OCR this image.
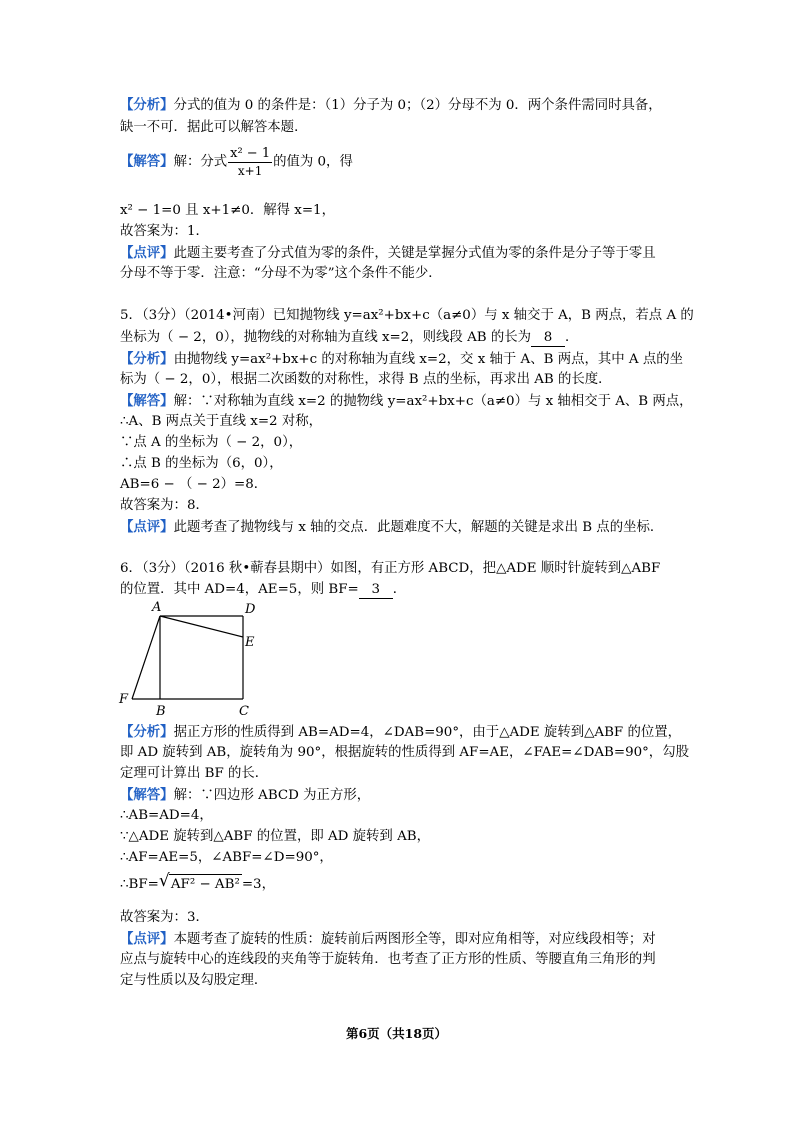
【分析】分式的值为 0 的条件是：（1）分子为 0；（2）分母不为 0．两个条件需同时具备，
缺一不可．据此可以解答本题．
【解答】解：分式 $\frac{\text{x² − 1}}{x+1}$ 的值为 0，得
x² − 1=0 且 x+1≠0．解得 x=1，
故答案为：1．
【点评】此题主要考查了分式值为零的条件，关键是掌握分式值为零的条件是分子等于零且
分母不等于零．注意：“分母不为零”这个条件不能少．
5．（3分）（2014•河南）已知抛物线 y=ax²+bx+c（a≠0）与 x 轴交于 A，B 两点，若点 A 的
坐标为（ − 2，0），抛物线的对称轴为直线 x=2，则线段 AB 的长为 8 ．
【分析】由抛物线 y=ax²+bx+c 的对称轴为直线 x=2，交 x 轴于 A、B 两点，其中 A 点的坐
标为（ − 2，0），根据二次函数的对称性，求得 B 点的坐标，再求出 AB 的长度．
【解答】解：∵对称轴为直线 x=2 的抛物线 y=ax²+bx+c（a≠0）与 x 轴相交于 A、B 两点，
∴A、B 两点关于直线 x=2 对称，
∵点 A 的坐标为（ − 2，0），
∴点 B 的坐标为（6，0），
AB=6 − （ − 2）=8．
故答案为：8．
【点评】此题考查了抛物线与 x 轴的交点．此题难度不大，解题的关键是求出 B 点的坐标．
6．（3分）（2016 秋•蕲春县期中）如图，有正方形 ABCD，把△ADE 顺时针旋转到△ABF
的位置．其中 AD=4，AE=5，则 BF= 3 ．
A	D
E
F
B	C
【分析】据正方形的性质得到 AB=AD=4，∠DAB=90°，由于△ADE 旋转到△ABF 的位置，
即 AD 旋转到 AB，旋转角为 90°，根据旋转的性质得到 AF=AE，∠FAE=∠DAB=90°，勾股
定理可计算出 BF 的长．
【解答】解：∵四边形 ABCD 为正方形，
∴AB=AD=4，
∵△ADE 旋转到△ABF 的位置，即 AD 旋转到 AB，
∴AF=AE=5，∠ABF=∠D=90°，
∴BF= √ AF² − AB² =3，
故答案为：3．
【点评】本题考查了旋转的性质：旋转前后两图形全等，即对应角相等，对应线段相等；对
应点与旋转中心的连线段的夹角等于旋转角．也考查了正方形的性质、等腰直角三角形的判
定与性质以及勾股定理．
第6页（共18页）
